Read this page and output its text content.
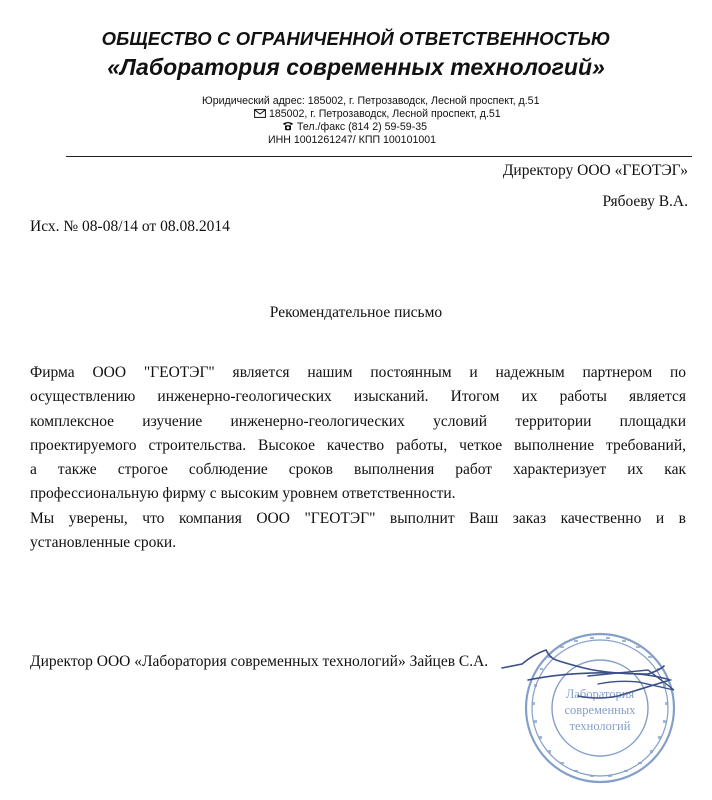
ОБЩЕСТВО С ОГРАНИЧЕННОЙ ОТВЕТСТВЕННОСТЬЮ
«Лаборатория современных технологий»
Юридический адрес: 185002, г. Петрозаводск, Лесной проспект, д.51
185002, г. Петрозаводск, Лесной проспект, д.51
Тел./факс (814 2) 59-59-35
ИНН 1001261247/ КПП 100101001
Директору ООО «ГЕОТЭГ»
Рябоеву В.А.
Исх. № 08-08/14 от 08.08.2014
Рекомендательное письмо
Фирма ООО "ГЕОТЭГ" является нашим постоянным и надежным партнером по
осуществлению инженерно-геологических изысканий. Итогом их работы является
комплексное изучение инженерно-геологических условий территории площадки
проектируемого строительства. Высокое качество работы, четкое выполнение требований,
а также строгое соблюдение сроков выполнения работ характеризует их как
профессиональную фирму с высоким уровнем ответственности.
Мы уверены, что компания ООО "ГЕОТЭГ" выполнит Ваш заказ качественно и в
установленные сроки.
Директор ООО «Лаборатория современных технологий» Зайцев С.А.
Лаборатория
современных
технологий
